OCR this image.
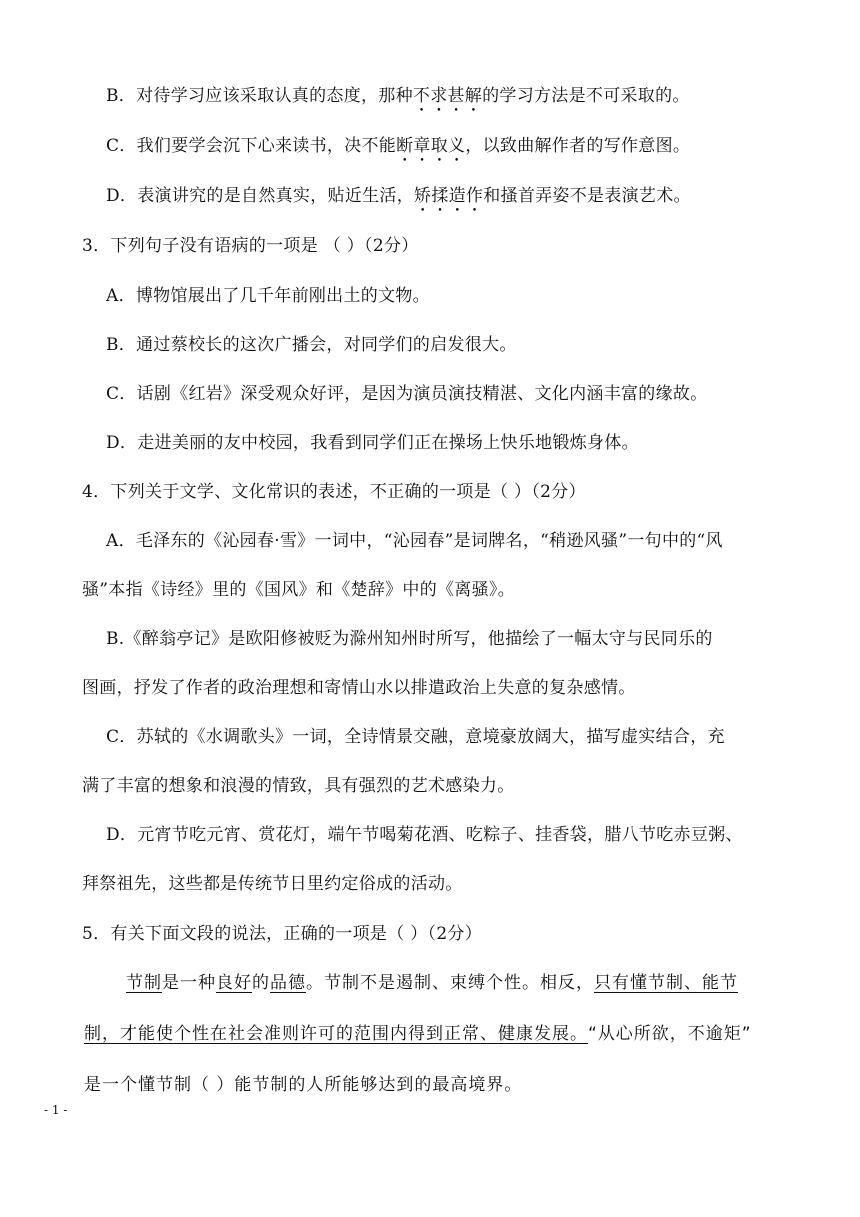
B．对待学习应该采取认真的态度，那种不求甚解的学习方法是不可采取的。
C．我们要学会沉下心来读书，决不能断章取义，以致曲解作者的写作意图。
D．表演讲究的是自然真实，贴近生活，矫揉造作和搔首弄姿不是表演艺术。
3．下列句子没有语病的一项是 （ ）（2分）
A．博物馆展出了几千年前刚出土的文物。
B．通过蔡校长的这次广播会，对同学们的启发很大。
C．话剧《红岩》深受观众好评，是因为演员演技精湛、文化内涵丰富的缘故。
D．走进美丽的友中校园，我看到同学们正在操场上快乐地锻炼身体。
4．下列关于文学、文化常识的表述，不正确的一项是（ ）（2分）
A．毛泽东的《沁园春·雪》一词中，“沁园春”是词牌名，“稍逊风骚”一句中的“风
骚”本指《诗经》里的《国风》和《楚辞》中的《离骚》。
B.《醉翁亭记》是欧阳修被贬为滁州知州时所写，他描绘了一幅太守与民同乐的
图画，抒发了作者的政治理想和寄情山水以排遣政治上失意的复杂感情。
C．苏轼的《水调歌头》一词，全诗情景交融，意境豪放阔大，描写虚实结合，充
满了丰富的想象和浪漫的情致，具有强烈的艺术感染力。
D．元宵节吃元宵、赏花灯，端午节喝菊花酒、吃粽子、挂香袋，腊八节吃赤豆粥、
拜祭祖先，这些都是传统节日里约定俗成的活动。
5．有关下面文段的说法，正确的一项是（ ）（2分）
节制是一种良好的品德。节制不是遏制、束缚个性。相反，只有懂节制、能节
制，才能使个性在社会准则许可的范围内得到正常、健康发展。“从心所欲，不逾矩”
是一个懂节制（ ）能节制的人所能够达到的最高境界。
- 1 -
